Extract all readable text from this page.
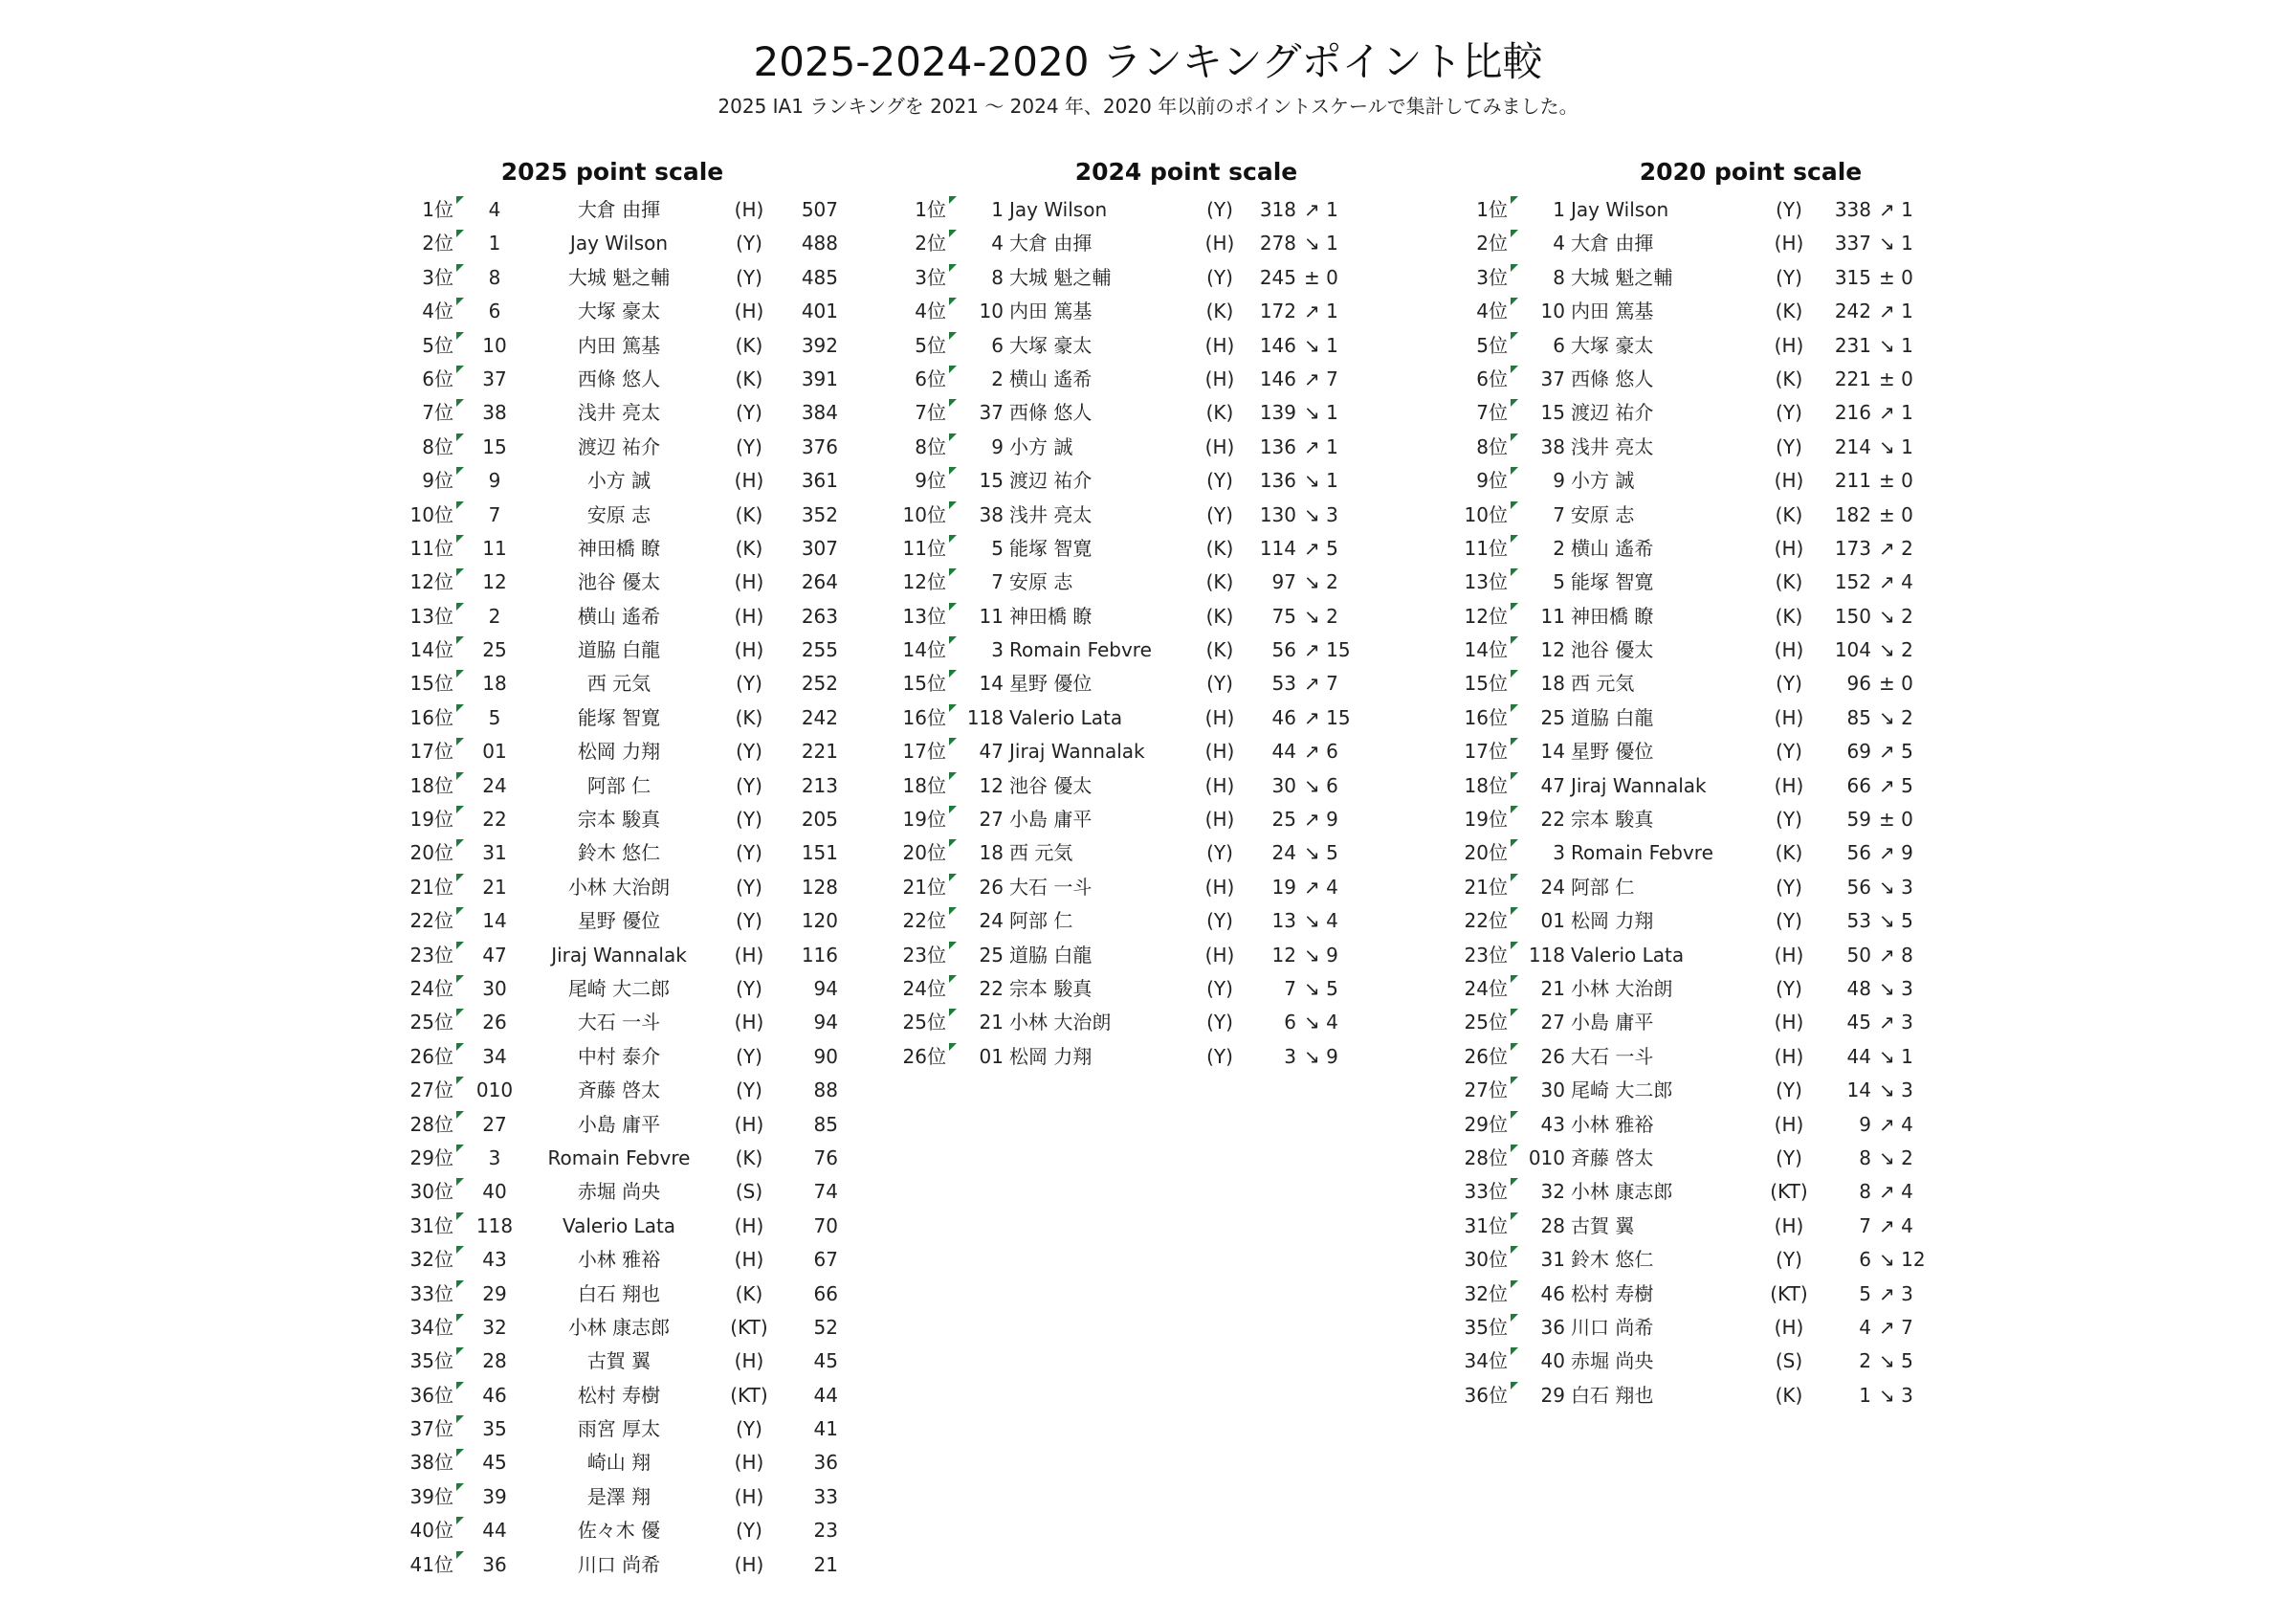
2025-2024-2020 ランキングポイント比較
2025 IA1 ランキングを 2021 〜 2024 年、2020 年以前のポイントスケールで集計してみました。
2025 point scale
1位	4	大倉 由揮	(H)	507
2位	1	Jay Wilson	(Y)	488
3位	8	大城 魁之輔	(Y)	485
4位	6	大塚 豪太	(H)	401
5位	10	内田 篤基	(K)	392
6位	37	西條 悠人	(K)	391
7位	38	浅井 亮太	(Y)	384
8位	15	渡辺 祐介	(Y)	376
9位	9	小方 誠	(H)	361
10位	7	安原 志	(K)	352
11位	11	神田橋 瞭	(K)	307
12位	12	池谷 優太	(H)	264
13位	2	横山 遙希	(H)	263
14位	25	道脇 白龍	(H)	255
15位	18	西 元気	(Y)	252
16位	5	能塚 智寛	(K)	242
17位	01	松岡 力翔	(Y)	221
18位	24	阿部 仁	(Y)	213
19位	22	宗本 駿真	(Y)	205
20位	31	鈴木 悠仁	(Y)	151
21位	21	小林 大治朗	(Y)	128
22位	14	星野 優位	(Y)	120
23位	47	Jiraj Wannalak	(H)	116
24位	30	尾崎 大二郎	(Y)	94
25位	26	大石 一斗	(H)	94
26位	34	中村 泰介	(Y)	90
27位	010	斉藤 啓太	(Y)	88
28位	27	小島 庸平	(H)	85
29位	3	Romain Febvre	(K)	76
30位	40	赤堀 尚央	(S)	74
31位	118	Valerio Lata	(H)	70
32位	43	小林 雅裕	(H)	67
33位	29	白石 翔也	(K)	66
34位	32	小林 康志郎	(KT)	52
35位	28	古賀 翼	(H)	45
36位	46	松村 寿樹	(KT)	44
37位	35	雨宮 厚太	(Y)	41
38位	45	崎山 翔	(H)	36
39位	39	是澤 翔	(H)	33
40位	44	佐々木 優	(Y)	23
41位	36	川口 尚希	(H)	21
2024 point scale
1位	1 Jay Wilson	(Y)	318 ↗ 1
2位	4 大倉 由揮	(H)	278 ↘ 1
3位	8 大城 魁之輔	(Y)	245 ± 0
4位	10 内田 篤基	(K)	172 ↗ 1
5位	6 大塚 豪太	(H)	146 ↘ 1
6位	2 横山 遙希	(H)	146 ↗ 7
7位	37 西條 悠人	(K)	139 ↘ 1
8位	9 小方 誠	(H)	136 ↗ 1
9位	15 渡辺 祐介	(Y)	136 ↘ 1
10位	38 浅井 亮太	(Y)	130 ↘ 3
11位	5 能塚 智寛	(K)	114 ↗ 5
12位	7 安原 志	(K)	97 ↘ 2
13位	11 神田橋 瞭	(K)	75 ↘ 2
14位	3 Romain Febvre	(K)	56 ↗ 15
15位	14 星野 優位	(Y)	53 ↗ 7
16位	118 Valerio Lata	(H)	46 ↗ 15
17位	47 Jiraj Wannalak	(H)	44 ↗ 6
18位	12 池谷 優太	(H)	30 ↘ 6
19位	27 小島 庸平	(H)	25 ↗ 9
20位	18 西 元気	(Y)	24 ↘ 5
21位	26 大石 一斗	(H)	19 ↗ 4
22位	24 阿部 仁	(Y)	13 ↘ 4
23位	25 道脇 白龍	(H)	12 ↘ 9
24位	22 宗本 駿真	(Y)	7 ↘ 5
25位	21 小林 大治朗	(Y)	6 ↘ 4
26位	01 松岡 力翔	(Y)	3 ↘ 9
2020 point scale
1位	1 Jay Wilson	(Y)	338 ↗ 1
2位	4 大倉 由揮	(H)	337 ↘ 1
3位	8 大城 魁之輔	(Y)	315 ± 0
4位	10 内田 篤基	(K)	242 ↗ 1
5位	6 大塚 豪太	(H)	231 ↘ 1
6位	37 西條 悠人	(K)	221 ± 0
7位	15 渡辺 祐介	(Y)	216 ↗ 1
8位	38 浅井 亮太	(Y)	214 ↘ 1
9位	9 小方 誠	(H)	211 ± 0
10位	7 安原 志	(K)	182 ± 0
11位	2 横山 遙希	(H)	173 ↗ 2
13位	5 能塚 智寛	(K)	152 ↗ 4
12位	11 神田橋 瞭	(K)	150 ↘ 2
14位	12 池谷 優太	(H)	104 ↘ 2
15位	18 西 元気	(Y)	96 ± 0
16位	25 道脇 白龍	(H)	85 ↘ 2
17位	14 星野 優位	(Y)	69 ↗ 5
18位	47 Jiraj Wannalak	(H)	66 ↗ 5
19位	22 宗本 駿真	(Y)	59 ± 0
20位	3 Romain Febvre	(K)	56 ↗ 9
21位	24 阿部 仁	(Y)	56 ↘ 3
22位	01 松岡 力翔	(Y)	53 ↘ 5
23位	118 Valerio Lata	(H)	50 ↗ 8
24位	21 小林 大治朗	(Y)	48 ↘ 3
25位	27 小島 庸平	(H)	45 ↗ 3
26位	26 大石 一斗	(H)	44 ↘ 1
27位	30 尾崎 大二郎	(Y)	14 ↘ 3
29位	43 小林 雅裕	(H)	9 ↗ 4
28位	010 斉藤 啓太	(Y)	8 ↘ 2
33位	32 小林 康志郎	(KT)	8 ↗ 4
31位	28 古賀 翼	(H)	7 ↗ 4
30位	31 鈴木 悠仁	(Y)	6 ↘ 12
32位	46 松村 寿樹	(KT)	5 ↗ 3
35位	36 川口 尚希	(H)	4 ↗ 7
34位	40 赤堀 尚央	(S)	2 ↘ 5
36位	29 白石 翔也	(K)	1 ↘ 3
